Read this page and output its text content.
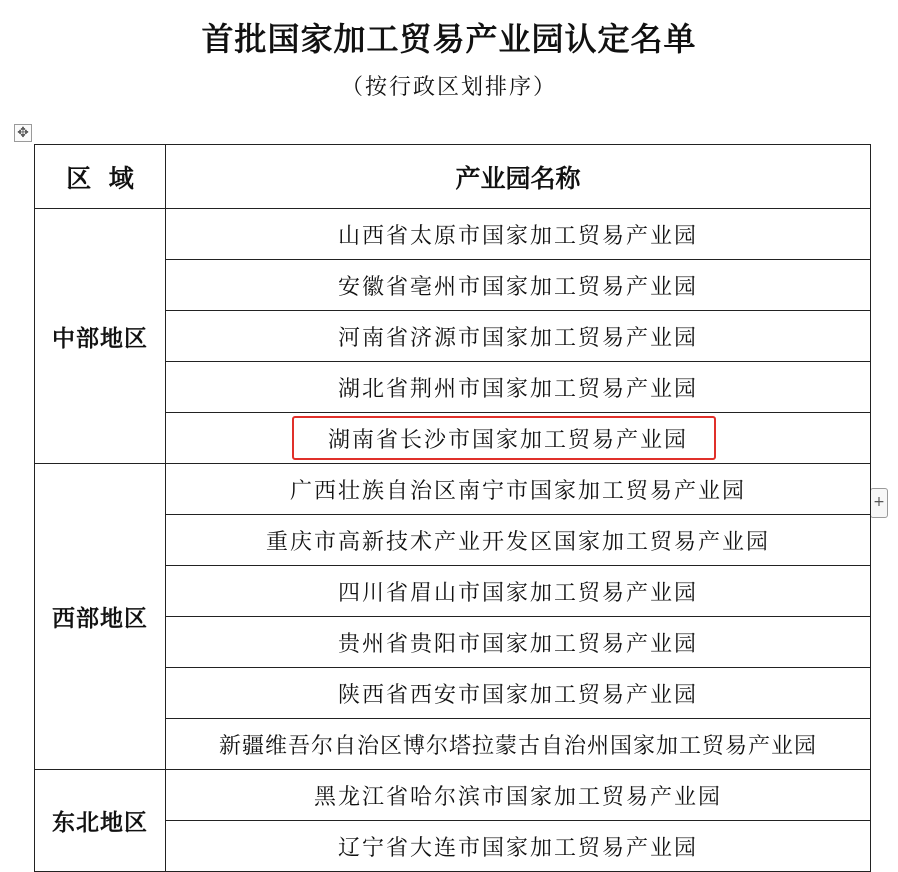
首批国家加工贸易产业园认定名单
（按行政区划排序）
✥
+
区  域	产业园名称
中部地区	山西省太原市国家加工贸易产业园
	安徽省亳州市国家加工贸易产业园
	河南省济源市国家加工贸易产业园
	湖北省荆州市国家加工贸易产业园
	湖南省长沙市国家加工贸易产业园
西部地区	广西壮族自治区南宁市国家加工贸易产业园
	重庆市高新技术产业开发区国家加工贸易产业园
	四川省眉山市国家加工贸易产业园
	贵州省贵阳市国家加工贸易产业园
	陕西省西安市国家加工贸易产业园
	新疆维吾尔自治区博尔塔拉蒙古自治州国家加工贸易产业园
东北地区	黑龙江省哈尔滨市国家加工贸易产业园
	辽宁省大连市国家加工贸易产业园
